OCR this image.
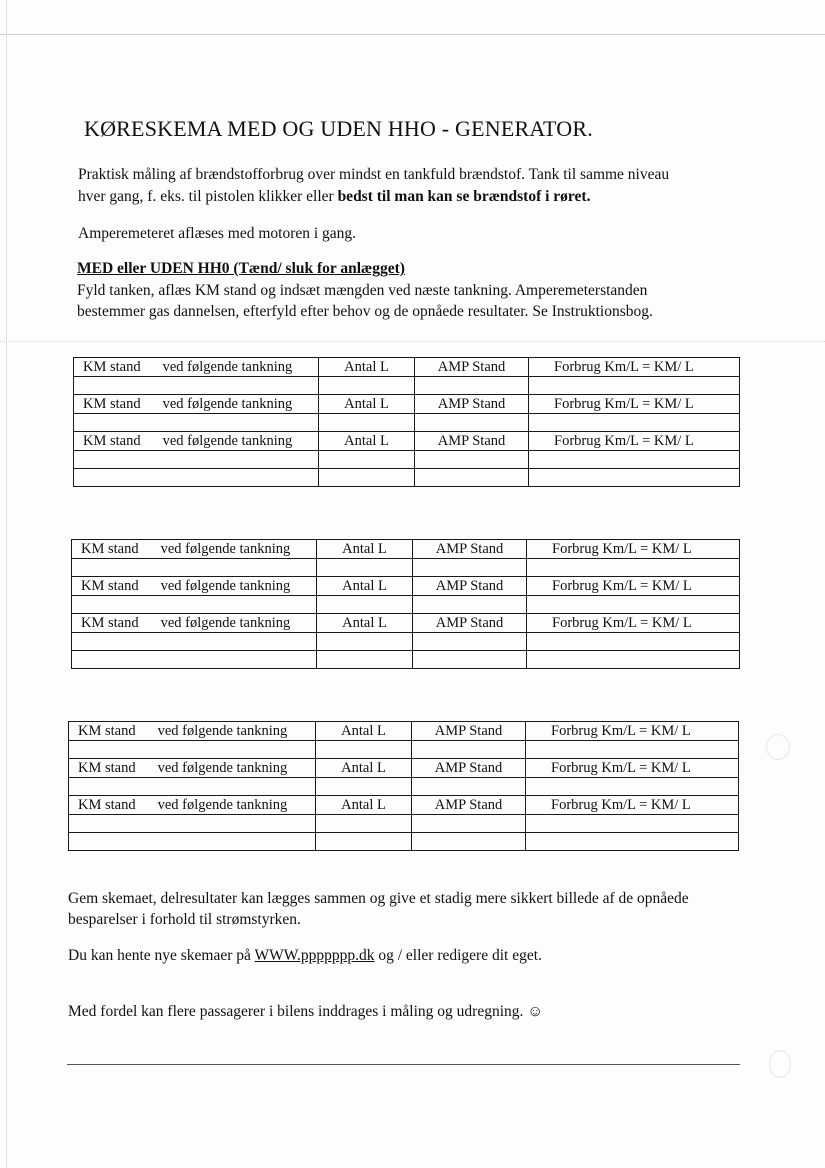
KØRESKEMA MED OG UDEN HHO - GENERATOR.
Praktisk måling af brændstofforbrug over mindst en tankfuld brændstof. Tank til samme niveau
hver gang, f. eks. til pistolen klikker eller bedst til man kan se brændstof i røret.
Amperemeteret aflæses med motoren i gang.
MED eller UDEN HH0 (Tænd/ sluk for anlægget)
Fyld tanken, aflæs KM stand og indsæt mængden ved næste tankning. Amperemeterstanden
bestemmer gas dannelsen, efterfyld efter behov og de opnåede resultater. Se Instruktionsbog.
KM stand ved følgende tankning	Antal L	AMP Stand	Forbrug Km/L = KM/ L

KM stand ved følgende tankning	Antal L	AMP Stand	Forbrug Km/L = KM/ L

KM stand ved følgende tankning	Antal L	AMP Stand	Forbrug Km/L = KM/ L

KM stand ved følgende tankning	Antal L	AMP Stand	Forbrug Km/L = KM/ L

KM stand ved følgende tankning	Antal L	AMP Stand	Forbrug Km/L = KM/ L

KM stand ved følgende tankning	Antal L	AMP Stand	Forbrug Km/L = KM/ L

KM stand ved følgende tankning	Antal L	AMP Stand	Forbrug Km/L = KM/ L

KM stand ved følgende tankning	Antal L	AMP Stand	Forbrug Km/L = KM/ L

KM stand ved følgende tankning	Antal L	AMP Stand	Forbrug Km/L = KM/ L

Gem skemaet, delresultater kan lægges sammen og give et stadig mere sikkert billede af de opnåede
besparelser i forhold til strømstyrken.
Du kan hente nye skemaer på WWW.ppppppp.dk og / eller redigere dit eget.
Med fordel kan flere passagerer i bilens inddrages i måling og udregning. ☺
